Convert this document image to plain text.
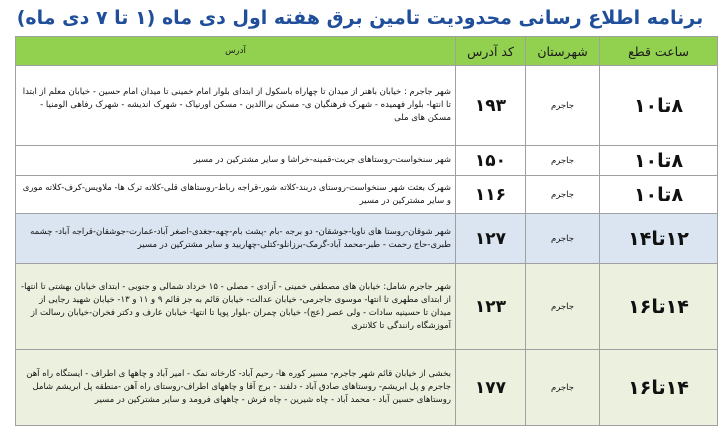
برنامه اطلاع رسانی محدودیت تامین برق هفته اول دی ماه (۱ تا ۷ دی ماه)
ساعت قطع	شهرستان	کد آدرس	آدرس
۸تا۱۰	جاجرم	۱۹۳	شهر جاجرم : خیابان باهنر از میدان تا چهاراه باسکول از ابتدای بلوار امام خمینی تا میدان امام حسین - خیابان معلم از ابتدا تا انتها- بلوار فهمیده - شهرک فرهنگیان ی- مسکن براالدین - مسکن اورنیاک - شهرک اندیشه - شهرک رفاهی الومنیا - مسکن های ملی
۸تا۱۰	جاجرم	۱۵۰	شهر سنخواست-روستاهای جربت-قمینه-خراشا و سایر مشترکین در مسیر
۸تا۱۰	جاجرم	۱۱۶	شهرک بعثت شهر سنخواست-روستای دربند-کلاته شور-قراجه رباط-روستاهای قلی-کلاته ترک ها- ملاویس-کرف-کلاته موری و سایر مشترکین در مسیر
۱۲تا۱۴	جاجرم	۱۲۷	شهر شوقان-روستا های ناویا-جوشقان- دو برجه -بام -پشت بام-چهه-جغدی-اصغر آباد-عمارت-جوشقان-قراجه آباد- چشمه طبری-حاج رحمت - طبر-محمد آباد-گرمک-برزانلو-کتلی-چهاربید و سایر مشترکین در مسیر
۱۴تا۱۶	جاجرم	۱۲۳	شهر جاجرم شامل: خیابان های مصطفی خمینی - آزادی - مصلی - ۱۵ خرداد شمالی و جنوبی - ابتدای خیابان بهشتی تا انتها- از ابتدای مطهری تا انتها- موسوی جاجرمی- خیابان عدالت- خیابان قائم به جز قائم ۹ و ۱۱ و ۱۳- خیابان شهید رجایی از میدان تا حسینیه سادات - ولی عصر (عج)- خیابان چمران -بلوار پویا تا انتها- خیابان عارف و دکتر فخران-خیابان رسالت از آموزشگاه رانندگی تا کلانتری
۱۴تا۱۶	جاجرم	۱۷۷	بخشی از خیابان قائم شهر جاجرم- مسیر کوره ها- رحیم آباد- کارخانه نمک - امیر آباد و چاهها ی اطراف - ایستگاه راه آهن جاجرم و پل ابریشم- روستاهای صادق آباد - دلفند - برج آقا و چاههای اطراف-روستای راه آهن -منطقه پل ابریشم شامل روستاهای حسین آباد - محمد آباد - چاه شیرین - چاه فرش - چاههای فرومد و سایر مشترکین در مسیر
